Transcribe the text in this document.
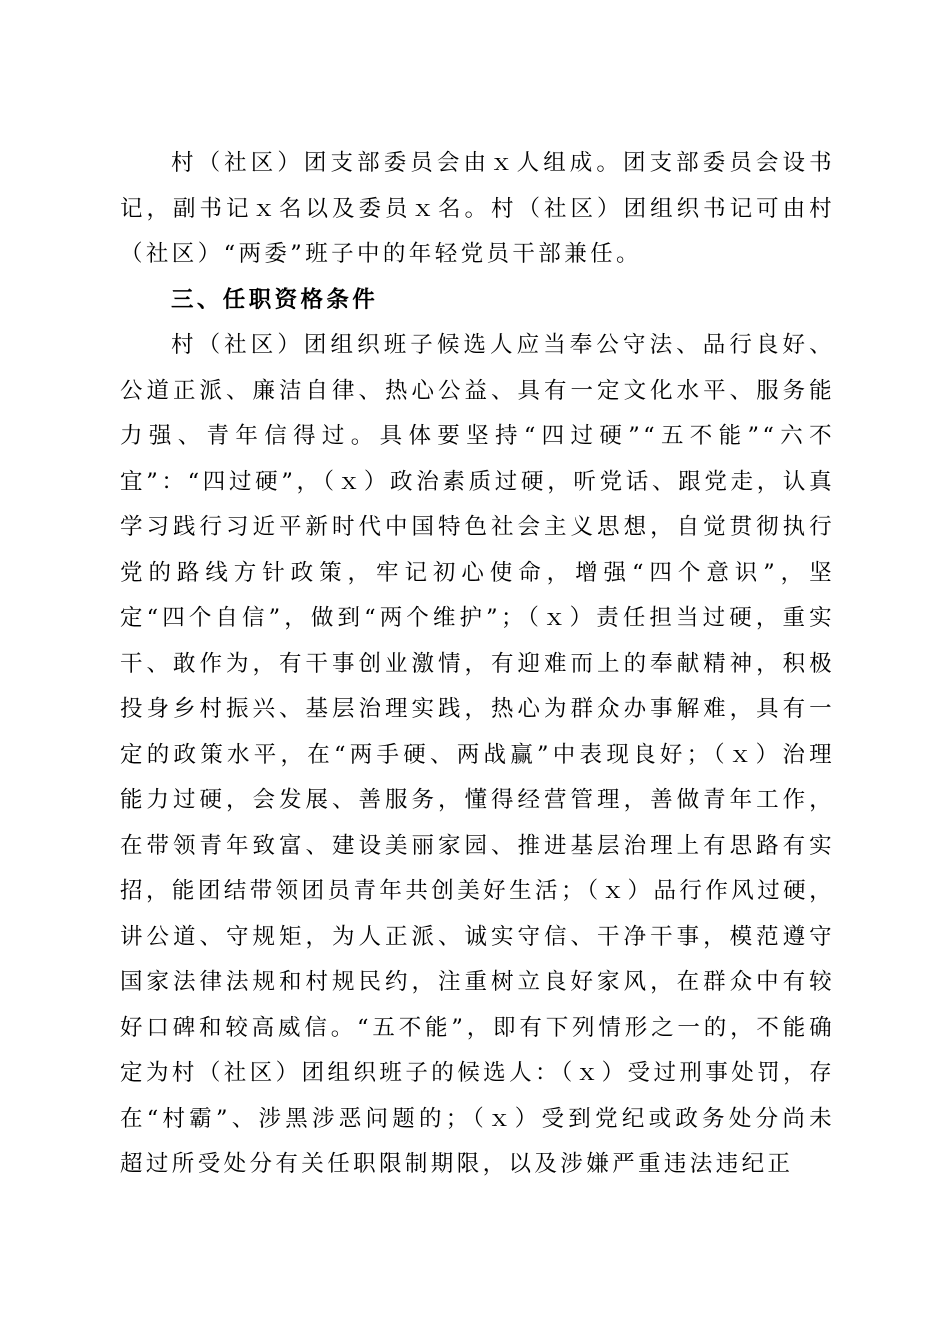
村（社区）团支部委员会由ｘ人组成。团支部委员会设书记，副书记ｘ名以及委员ｘ名。村（社区）团组织书记可由村（社区）“两委”班子中的年轻党员干部兼任。

三、任职资格条件

村（社区）团组织班子候选人应当奉公守法、品行良好、公道正派、廉洁自律、热心公益、具有一定文化水平、服务能力强、青年信得过。具体要坚持“四过硬”“五不能”“六不宜”：“四过硬”，（ｘ）政治素质过硬，听党话、跟党走，认真学习践行习近平新时代中国特色社会主义思想，自觉贯彻执行党的路线方针政策，牢记初心使命，增强“四个意识”，坚定“四个自信”，做到“两个维护”；（ｘ）责任担当过硬，重实干、敢作为，有干事创业激情，有迎难而上的奉献精神，积极投身乡村振兴、基层治理实践，热心为群众办事解难，具有一定的政策水平，在“两手硬、两战赢”中表现良好；（ｘ）治理能力过硬，会发展、善服务，懂得经营管理，善做青年工作，在带领青年致富、建设美丽家园、推进基层治理上有思路有实招，能团结带领团员青年共创美好生活；（ｘ）品行作风过硬，讲公道、守规矩，为人正派、诚实守信、干净干事，模范遵守国家法律法规和村规民约，注重树立良好家风，在群众中有较好口碑和较高威信。“五不能”，即有下列情形之一的，不能确定为村（社区）团组织班子的候选人：（ｘ）受过刑事处罚，存在“村霸”、涉黑涉恶问题的；（ｘ）受到党纪或政务处分尚未超过所受处分有关任职限制期限，以及涉嫌严重违法违纪正
